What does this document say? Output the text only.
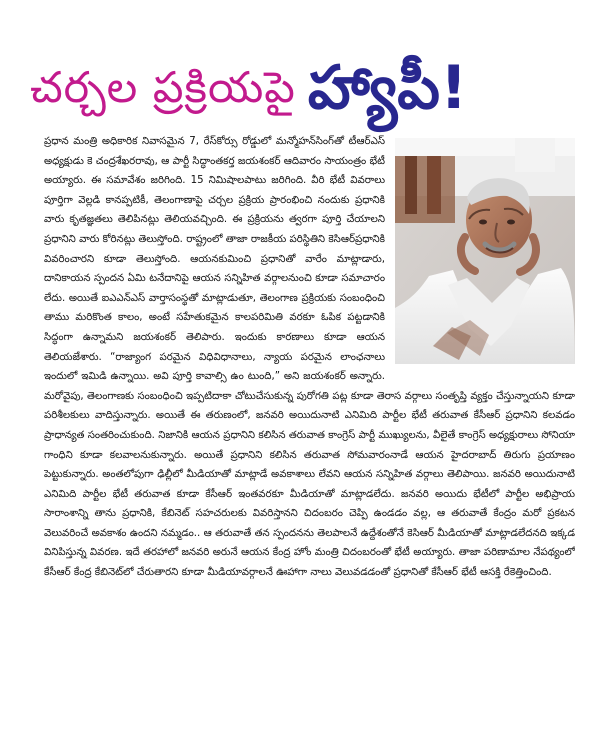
చర్చల ప్రక్రియపై హ్యాపీ!

ప్రధాన మంత్రి అధికారిక నివాసమైన 7, రేస్‌కోర్సు రోడ్డులో మన్మోహన్‌సింగ్‌తో టీఆర్‌ఎస్ అధ్యక్షుడు కె చంద్రశేఖరరావు, ఆ పార్టీ సిద్ధాంతకర్త జయశంకర్ ఆదివారం సాయంత్రం భేటీ అయ్యారు. ఈ సమావేశం జరిగింది. 15 నిమిషాలపాటు జరిగింది. వీరి భేటీ వివరాలు పూర్తిగా వెల్లడి కానప్పటికీ, తెలంగాణాపై చర్చల ప్రక్రియ ప్రారంభించి నందుకు ప్రధానికి వారు కృతజ్ఞతలు తెలిపినట్లు తెలియవచ్చింది. ఈ ప్రక్రియను త్వరగా పూర్తి చేయాలని ప్రధానిని వారు కోరినట్లు తెలుస్తోంది. రాష్ట్రంలో తాజా రాజకీయ పరిస్థితిని కెసిఆర్‌ప్రధానికి వివరించారని కూడా తెలుస్తోంది. ఆయనకుమించి ప్రధానితో వారేం మాట్లాడారు, దానికాయన స్పందన ఏమి టనేదానిపై ఆయన సన్నిహిత వర్గాలనుంచి కూడా సమాచారం లేదు. అయితే ఐఎఎన్‌ఎస్ వార్తాసంస్థతో మాట్లాడుతూ, తెలంగాణ ప్రక్రియకు సంబంధించి తాము మరికొంత కాలం, అంటే సహేతుకమైన కాలపరిమితి వరకూ ఓపిక పట్టడానికి సిద్ధంగా ఉన్నామని జయశంకర్ తెలిపారు. ఇందుకు కారణాలు కూడా ఆయన తెలియజేశారు. “రాజ్యాంగ పరమైన విధివిధానాలు, న్యాయ పరమైన లాంఛనాలు ఇందులో ఇమిడి ఉన్నాయి. అవి పూర్తి కావాల్సి ఉం టుంది,” అని జయశంకర్ అన్నారు. మరోవైపు, తెలంగాణకు సంబంధించి ఇప్పటిదాకా చోటుచేసుకున్న పురోగతి పట్ల కూడా తెరాస వర్గాలు సంతృప్తి వ్యక్తం చేస్తున్నాయని కూడా పరిశీలకులు వాదిస్తున్నారు. అయితే ఈ తరుణంలో, జనవరి అయిదునాటి ఎనిమిది పార్టీల భేటీ తరువాత కేసీఆర్ ప్రధానిని కలవడం ప్రాధాన్యత సంతరించుకుంది. నిజానికి ఆయన ప్రధానిని కలిసిన తరువాత కాంగ్రెస్ పార్టీ ముఖ్యులను, వీలైతే కాంగ్రెస్ అధ్యక్షురాలు సోనియా గాంధిని కూడా కలవాలనుకున్నారు. అయితే ప్రధానిని కలిసిన తరువాత సోమవారంనాడే ఆయన హైదరాబాద్ తిరుగు ప్రయాణం పెట్టుకున్నారు. అంతలోపుగా ఢిల్లీలో మీడియాతో మాట్లాడే అవకాశాలు లేవని ఆయన సన్నిహిత వర్గాలు తెలిపాయి. జనవరి అయిదునాటి ఎనిమిది పార్టీల భేటీ తరువాత కూడా కేసీఆర్ ఇంతవరకూ మీడియాతో మాట్లాడలేదు. జనవరి అయిదు భేటీలో పార్టీల అభిప్రాయ సారాంశాన్ని తాను ప్రధానికి, కేబినెట్ సహచరులకు వివరిస్తానని చిదంబరం చెప్పి ఉండడం వల్ల, ఆ తరువాతే కేంద్రం మరో ప్రకటన వెలువరించే అవకాశం ఉందని నమ్మడం.. ఆ తరువాతే తన స్పందనను తెలపాలనే ఉద్దేశంతోనే కెసిఆర్ మీడియాతో మాట్లాడలేదనది ఇక్కడ వినిపిస్తున్న వివరణ. ఇదే తరహాలో జనవరి అరునే ఆయన కేంద్ర హోం మంత్రి చిదంబరంతో భేటీ అయ్యారు. తాజా పరిణామాల నేపథ్యంలో కేసీఆర్ కేంద్ర కేబినెట్‌లో చేరుతారని కూడా మీడియావర్గాలనే ఊహాగా నాలు వెలువడడంతో ప్రధానితో కేసీఆర్ భేటీ ఆసక్తి రేకెత్తించింది.
